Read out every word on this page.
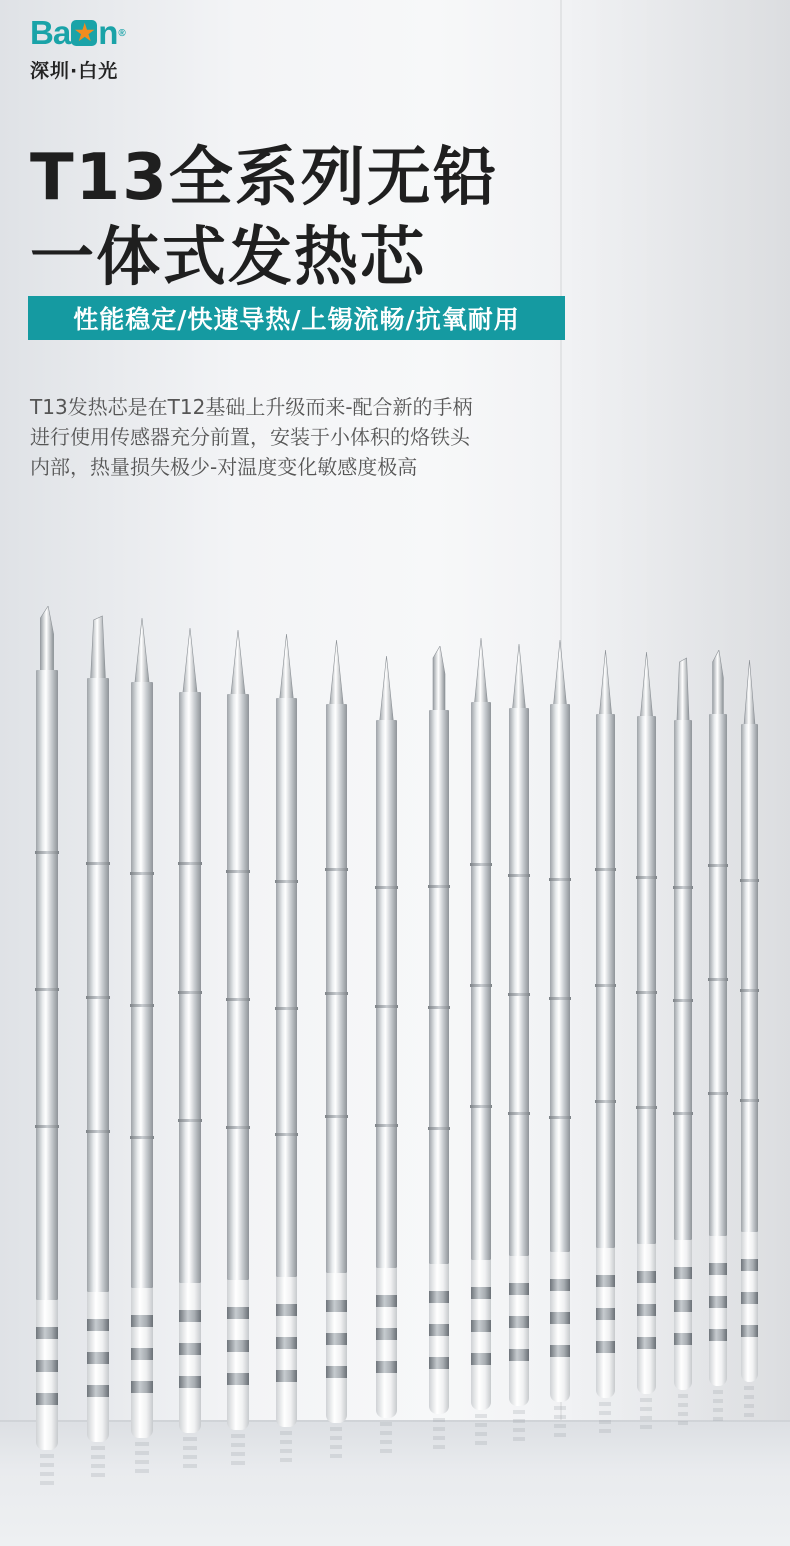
Ba
★ n ®
深圳·白光
T13全系列无铅
一体式发热芯
性能稳定/快速导热/上锡流畅/抗氧耐用
T13发热芯是在T12基础上升级而来-配合新的手柄
进行使用传感器充分前置，安装于小体积的烙铁头
内部，热量损失极少-对温度变化敏感度极高
